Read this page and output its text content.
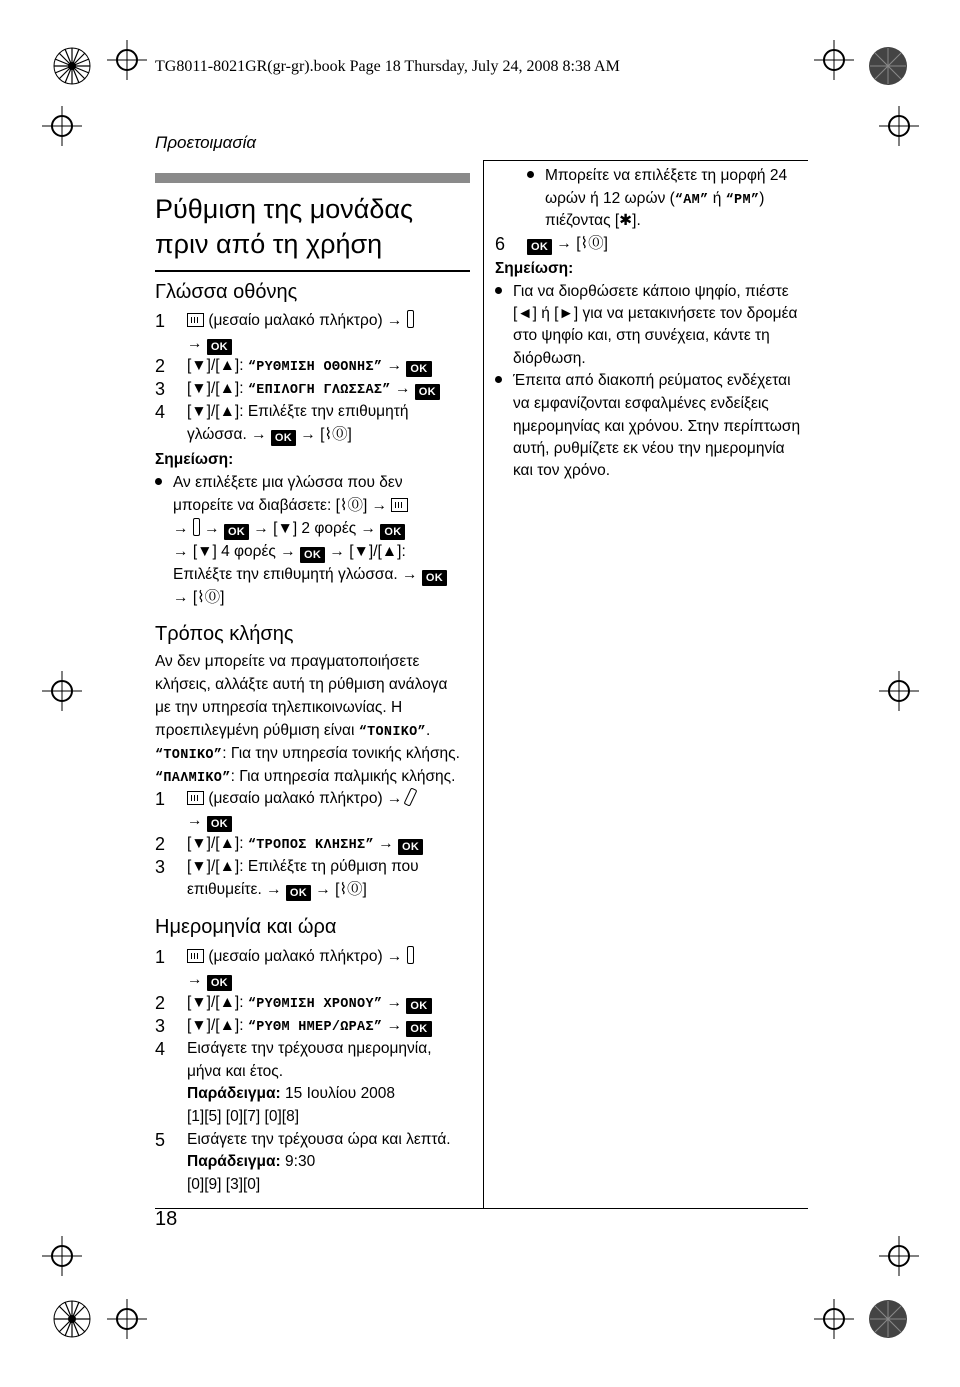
TG8011-8021GR(gr-gr).book Page 18 Thursday, July 24, 2008 8:38 AM
Προετοιμασία
Ρύθμιση της μονάδας
πριν από τη χρήση
Γλώσσα οθόνης
1	(μεσαίο μαλακό πλήκτρο) →
→ OK
2 [▼]/[▲]: “ΡΥΘΜΙΣΗ ΟΘΟΝΗΣ” → OK
3 [▼]/[▲]: “ΕΠΙΛΟΓΗ ΓΛΩΣΣΑΣ” → OK
4 [▼]/[▲]: Επιλέξτε την επιθυμητή
γλώσσα. → OK → [⌇⓪]
Σημείωση:
Αν επιλέξετε μια γλώσσα που δεν
μπορείτε να διαβάσετε: [⌇⓪] →
→ → OK → [▼] 2 φορές → OK
→ [▼] 4 φορές → OK → [▼]/[▲]:
Επιλέξτε την επιθυμητή γλώσσα. → OK
→ [⌇⓪]
Τρόπος κλήσης
Αν δεν μπορείτε να πραγματοποιήσετε
κλήσεις, αλλάξτε αυτή τη ρύθμιση ανάλογα
με την υπηρεσία τηλεπικοινωνίας. Η
προεπιλεγμένη ρύθμιση είναι “ΤΟΝΙΚΟ”.
“ΤΟΝΙΚΟ”: Για την υπηρεσία τονικής κλήσης.
“ΠΑΛΜΙΚΟ”: Για υπηρεσία παλμικής κλήσης.
1	(μεσαίο μαλακό πλήκτρο) →
→ OK
2 [▼]/[▲]: “ΤΡΟΠΟΣ ΚΛΗΣΗΣ” → OK
3 [▼]/[▲]: Επιλέξτε τη ρύθμιση που
επιθυμείτε. → OK → [⌇⓪]
Ημερομηνία και ώρα
1	(μεσαίο μαλακό πλήκτρο) →
→ OK
2 [▼]/[▲]: “ΡΥΘΜΙΣΗ ΧΡΟΝΟΥ” → OK
3 [▼]/[▲]: “ΡΥΘΜ ΗΜΕΡ/ΩΡΑΣ” → OK
4 Εισάγετε την τρέχουσα ημερομηνία,
μήνα και έτος.
Παράδειγμα: 15 Ιουλίου 2008
[1][5] [0][7] [0][8]
5 Εισάγετε την τρέχουσα ώρα και λεπτά.
Παράδειγμα: 9:30
[0][9] [3][0]
18
Μπορείτε να επιλέξετε τη μορφή 24
ωρών ή 12 ωρών (“AM” ή “PM”)
πιέζοντας [✱].
6	OK → [⌇⓪]
Σημείωση:
Για να διορθώσετε κάποιο ψηφίο, πιέστε
[◄] ή [►] για να μετακινήσετε τον δρομέα
στο ψηφίο και, στη συνέχεια, κάντε τη
διόρθωση.
Έπειτα από διακοπή ρεύματος ενδέχεται
να εμφανίζονται εσφαλμένες ενδείξεις
ημερομηνίας και χρόνου. Στην περίπτωση
αυτή, ρυθμίζετε εκ νέου την ημερομηνία
και τον χρόνο.
